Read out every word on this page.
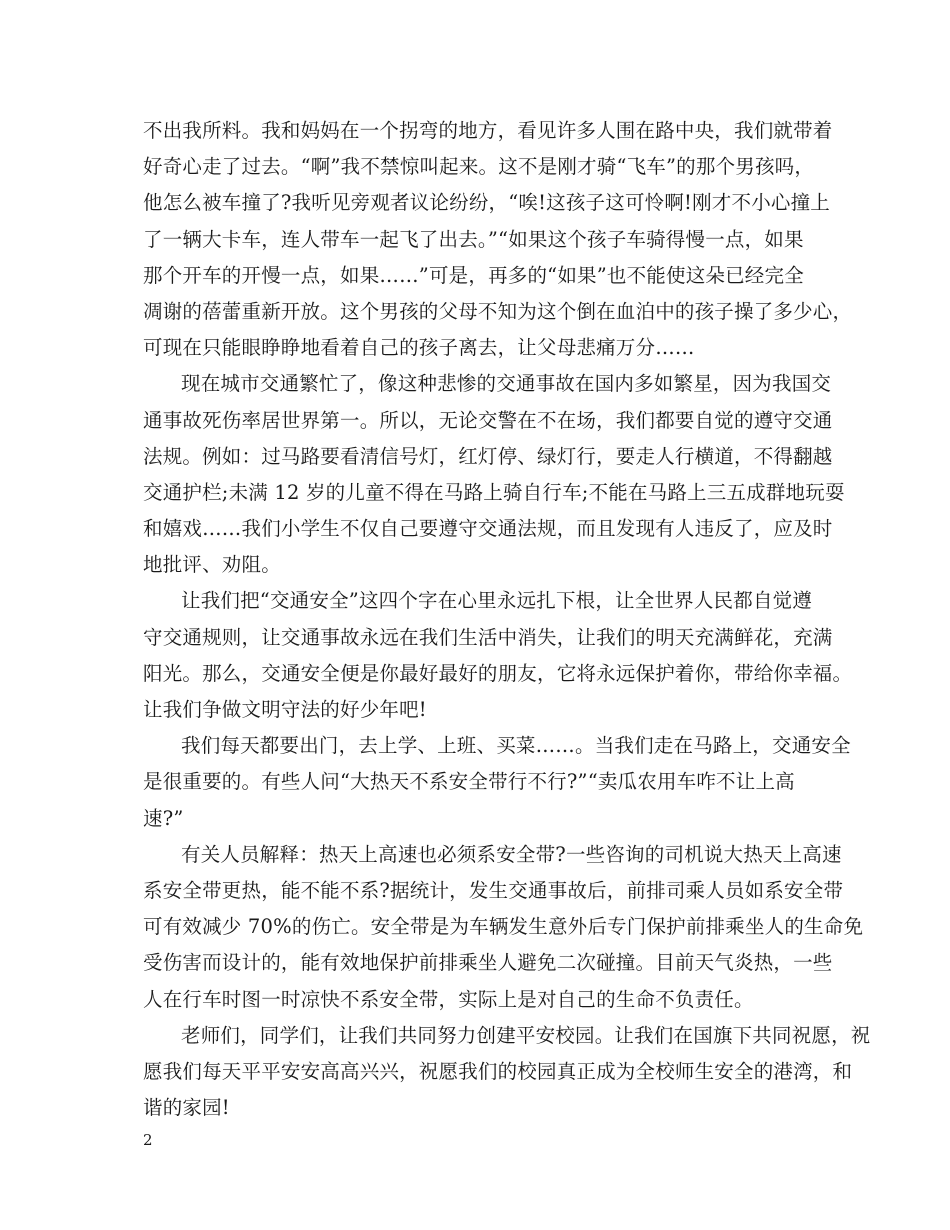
不出我所料。我和妈妈在一个拐弯的地方，看见许多人围在路中央，我们就带着
好奇心走了过去。“啊”我不禁惊叫起来。这不是刚才骑“飞车”的那个男孩吗，
他怎么被车撞了?我听见旁观者议论纷纷，“唉!这孩子这可怜啊!刚才不小心撞上
了一辆大卡车，连人带车一起飞了出去。”“如果这个孩子车骑得慢一点，如果
那个开车的开慢一点，如果……”可是，再多的“如果”也不能使这朵已经完全
凋谢的蓓蕾重新开放。这个男孩的父母不知为这个倒在血泊中的孩子操了多少心，
可现在只能眼睁睁地看着自己的孩子离去，让父母悲痛万分……
现在城市交通繁忙了，像这种悲惨的交通事故在国内多如繁星，因为我国交
通事故死伤率居世界第一。所以，无论交警在不在场，我们都要自觉的遵守交通
法规。例如：过马路要看清信号灯，红灯停、绿灯行，要走人行横道，不得翻越
交通护栏;未满 12 岁的儿童不得在马路上骑自行车;不能在马路上三五成群地玩耍
和嬉戏……我们小学生不仅自己要遵守交通法规，而且发现有人违反了，应及时
地批评、劝阻。
让我们把“交通安全”这四个字在心里永远扎下根，让全世界人民都自觉遵
守交通规则，让交通事故永远在我们生活中消失，让我们的明天充满鲜花，充满
阳光。那么，交通安全便是你最好最好的朋友，它将永远保护着你，带给你幸福。
让我们争做文明守法的好少年吧!
我们每天都要出门，去上学、上班、买菜……。当我们走在马路上，交通安全
是很重要的。有些人问“大热天不系安全带行不行?”“卖瓜农用车咋不让上高
速?”
有关人员解释：热天上高速也必须系安全带?一些咨询的司机说大热天上高速
系安全带更热，能不能不系?据统计，发生交通事故后，前排司乘人员如系安全带
可有效减少 70%的伤亡。安全带是为车辆发生意外后专门保护前排乘坐人的生命免
受伤害而设计的，能有效地保护前排乘坐人避免二次碰撞。目前天气炎热，一些
人在行车时图一时凉快不系安全带，实际上是对自己的生命不负责任。
老师们，同学们，让我们共同努力创建平安校园。让我们在国旗下共同祝愿，祝
愿我们每天平平安安高高兴兴，祝愿我们的校园真正成为全校师生安全的港湾，和
谐的家园!
2
